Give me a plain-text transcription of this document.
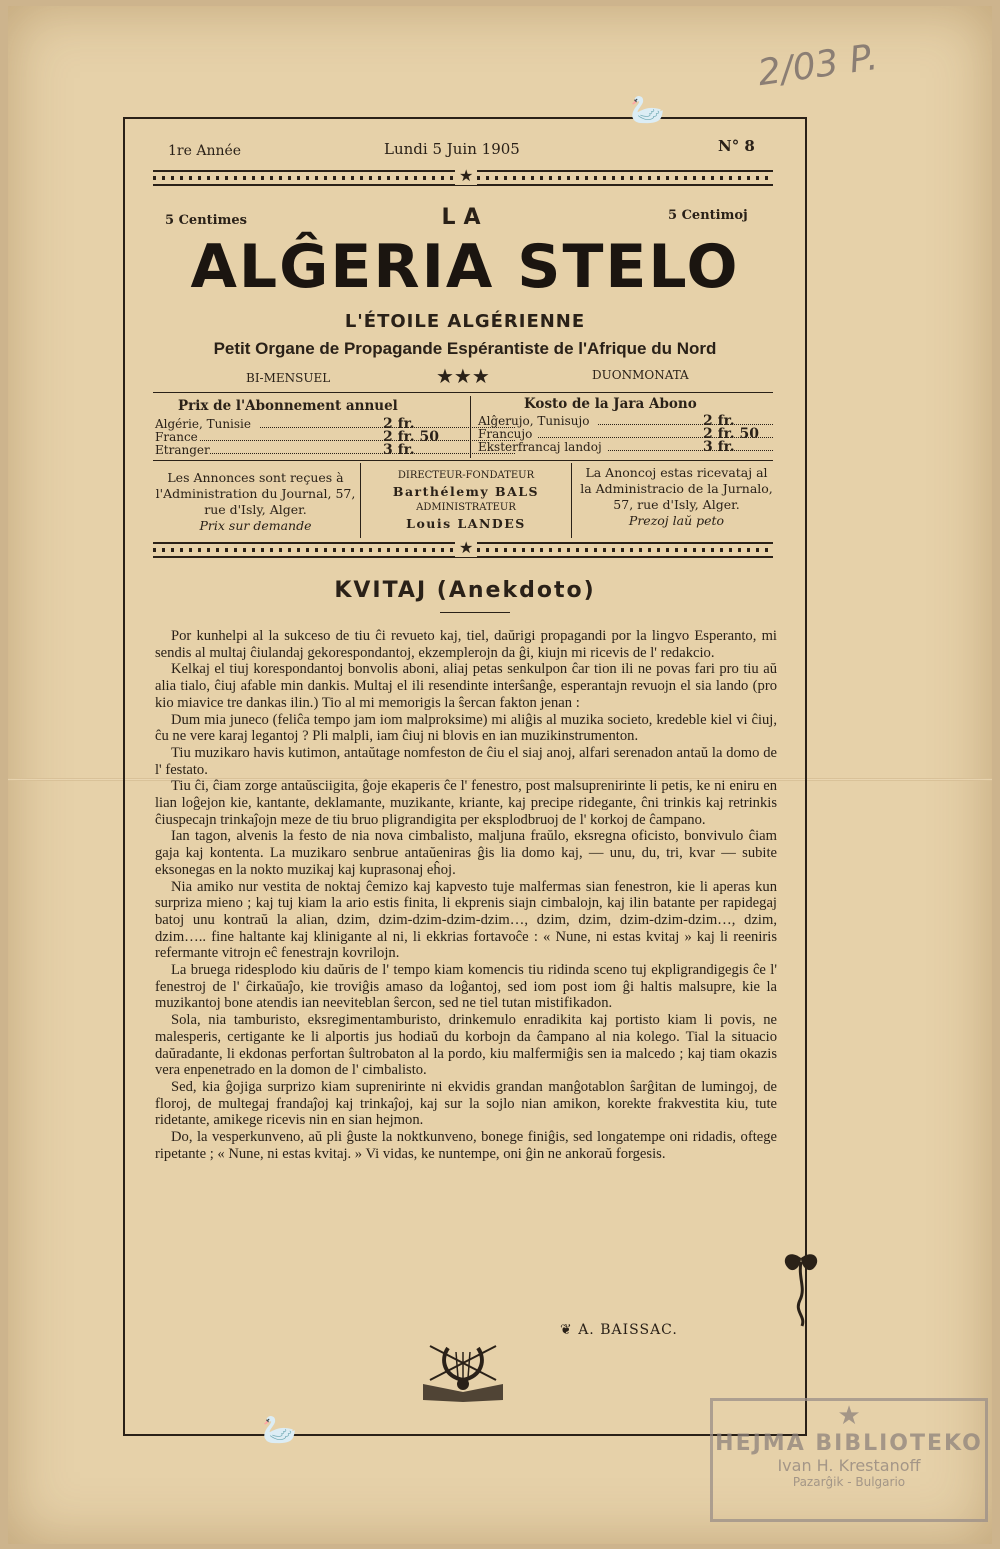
2/03 P.
🦢
🦢
1re Année	Lundi 5 Juin 1905	N° 8
★
5 Centimes	5 Centimoj
LA
ALĜERIA STELO
L'ÉTOILE ALGÉRIENNE
Petit Organe de Propagande Espérantiste de l'Afrique du Nord
BI-MENSUEL	★★★	DUONMONATA
Prix de l'Abonnement annuel
Algérie, Tunisie	2 fr.
France	2 fr. 50
Etranger	3 fr.
Kosto de la Jara Abono
Alĝerujo, Tunisujo	2 fr.
Francujo	2 fr. 50
Eksterfrancaj landoj	3 fr.
Les Annonces sont reçues à
l'Administration du Journal, 57,
rue d'Isly, Alger.
Prix sur demande
DIRECTEUR-FONDATEUR
Barthélemy BALS
ADMINISTRATEUR
Louis LANDES
La Anoncoj estas ricevataj al
la Administracio de la Jurnalo,
57, rue d'Isly, Alger.
Prezoj laŭ peto
★
KVITAJ (Anekdoto)

Por kunhelpi al la sukceso de tiu ĉi revueto kaj, tiel, daŭrigi propagandi por la lingvo Esperanto, mi sendis al multaj ĉiulandaj gekorespondantoj, ekzemplerojn da ĝi, kiujn mi ricevis de l' redakcio.

Kelkaj el tiuj korespondantoj bonvolis aboni, aliaj petas senkulpon ĉar tion ili ne povas fari pro tiu aŭ alia tialo, ĉiuj afable min dankis. Multaj el ili resendinte interŝanĝe, esperantajn revuojn el sia lando (pro kio miavice tre dankas ilin.) Tio al mi memorigis la ŝercan fakton jenan :

Dum mia juneco (feliĉa tempo jam iom malproksime) mi aliĝis al muzika societo, kredeble kiel vi ĉiuj, ĉu ne vere karaj legantoj ? Pli malpli, iam ĉiuj ni blovis en ian muzikinstrumenton.

Tiu muzikaro havis kutimon, antaŭtage nomfeston de ĉiu el siaj anoj, alfari serenadon antaŭ la domo de l' festato.

Tiu ĉi, ĉiam zorge antaŭsciigita, ĝoje ekaperis ĉe l' fenestro, post malsuprenirinte li petis, ke ni eniru en lian loĝejon kie, kantante, deklamante, muzikante, kriante, kaj precipe ridegante, ĉni trinkis kaj retrinkis ĉiuspecajn trinkaĵojn meze de tiu bruo pligrandigita per eksplodbruoj de l' korkoj de ĉampano.

Ian tagon, alvenis la festo de nia nova cimbalisto, maljuna fraŭlo, eksregna oficisto, bonvivulo ĉiam gaja kaj kontenta. La muzikaro senbrue antaŭeniras ĝis lia domo kaj, — unu, du, tri, kvar — subite eksonegas en la nokto muzikaj kaj kuprasonaj eĥoj.

Nia amiko nur vestita de noktaj ĉemizo kaj kapvesto tuje malfermas sian fenestron, kie li aperas kun surpriza mieno ; kaj tuj kiam la ario estis finita, li ekprenis siajn cimbalojn, kaj ilin batante per rapidegaj batoj unu kontraŭ la alian, dzim, dzim-dzim-dzim-dzim…, dzim, dzim, dzim-dzim-dzim…, dzim, dzim….. fine haltante kaj klinigante al ni, li ekkrias fortavoĉe : « Nune, ni estas kvitaj » kaj li reeniris refermante vitrojn eĉ fenestrajn kovrilojn.

La bruega ridesplodo kiu daŭris de l' tempo kiam komencis tiu ridinda sceno tuj ekpligrandigegis ĉe l' fenestroj de l' ĉirkaŭaĵo, kie troviĝis amaso da loĝantoj, sed iom post iom ĝi haltis malsupre, kie la muzikantoj bone atendis ian neeviteblan ŝercon, sed ne tiel tutan mistifikadon.

Sola, nia tamburisto, eksregimentamburisto, drinkemulo enradikita kaj portisto kiam li povis, ne malesperis, certigante ke li alportis jus hodiaŭ du korbojn da ĉampano al nia kolego. Tial la situacio daŭradante, li ekdonas perfortan ŝultrobaton al la pordo, kiu malfermiĝis sen ia malcedo ; kaj tiam okazis vera enpenetrado en la domon de l' cimbalisto.

Sed, kia ĝojiga surprizo kiam suprenirinte ni ekvidis grandan manĝotablon ŝarĝitan de lumingoj, de floroj, de multegaj frandaĵoj kaj trinkaĵoj, kaj sur la sojlo nian amikon, korekte frakvestita kiu, tute ridetante, amikege ricevis nin en sian hejmon.

Do, la vesperkunveno, aŭ pli ĝuste la noktkunveno, bonege finiĝis, sed longatempe oni ridadis, oftege ripetante ; « Nune, ni estas kvitaj. » Vi vidas, ke nuntempe, oni ĝin ne ankoraŭ forgesis.

❦ A. BAISSAC.
★
HEJMA BIBLIOTEKO
Ivan H. Krestanoff
Pazarĝik - Bulgario
